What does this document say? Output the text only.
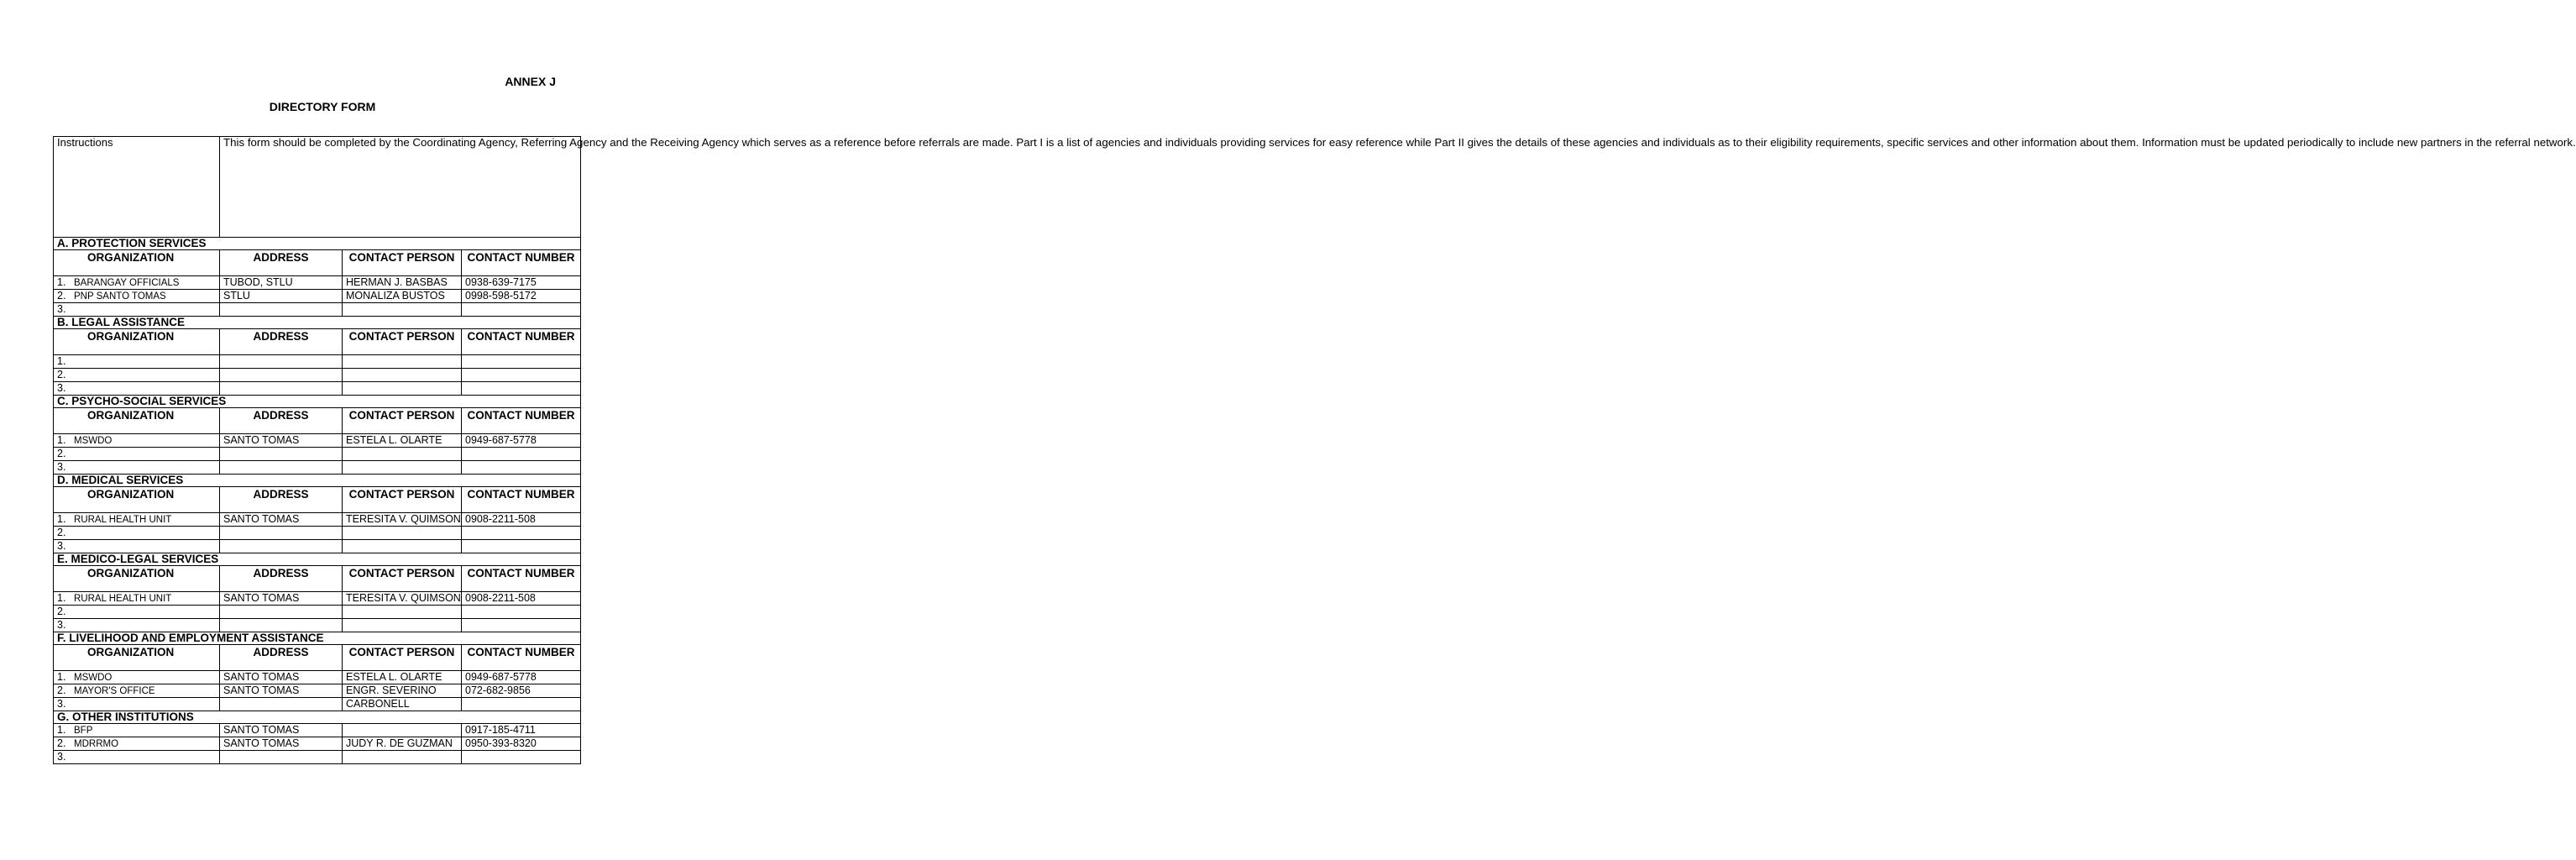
ANNEX J
DIRECTORY FORM
Instructions	This form should be completed by the Coordinating Agency, Referring Agency and the Receiving Agency which serves as a reference before referrals are made. Part I is a list of agencies and individuals providing services for easy reference while Part II gives the details of these agencies and individuals as to their eligibility requirements, specific services and other information about them. Information must be updated periodically to include new partners in the referral network.		
A. PROTECTION SERVICES			
ORGANIZATION	ADDRESS	CONTACT PERSON	CONTACT NUMBER
1. BARANGAY OFFICIALS	TUBOD, STLU	HERMAN J. BASBAS	0938-639-7175
2. PNP SANTO TOMAS	STLU	MONALIZA BUSTOS	0998-598-5172
3.			
B. LEGAL ASSISTANCE			
ORGANIZATION	ADDRESS	CONTACT PERSON	CONTACT NUMBER
1.			
2.			
3.			
C. PSYCHO-SOCIAL SERVICES			
ORGANIZATION	ADDRESS	CONTACT PERSON	CONTACT NUMBER
1. MSWDO	SANTO TOMAS	ESTELA L. OLARTE	0949-687-5778
2.			
3.			
D. MEDICAL SERVICES			
ORGANIZATION	ADDRESS	CONTACT PERSON	CONTACT NUMBER
1. RURAL HEALTH UNIT	SANTO TOMAS	TERESITA V. QUIMSON	0908-2211-508
2.			
3.			
E. MEDICO-LEGAL SERVICES			
ORGANIZATION	ADDRESS	CONTACT PERSON	CONTACT NUMBER
1. RURAL HEALTH UNIT	SANTO TOMAS	TERESITA V. QUIMSON	0908-2211-508
2.			
3.			
F. LIVELIHOOD AND EMPLOYMENT ASSISTANCE			
ORGANIZATION	ADDRESS	CONTACT PERSON	CONTACT NUMBER
1. MSWDO	SANTO TOMAS	ESTELA L. OLARTE	0949-687-5778
2. MAYOR'S OFFICE	SANTO TOMAS	ENGR. SEVERINO	072-682-9856
3.		CARBONELL	
G. OTHER INSTITUTIONS			
1. BFP	SANTO TOMAS		0917-185-4711
2. MDRRMO	SANTO TOMAS	JUDY R. DE GUZMAN	0950-393-8320
3.			
